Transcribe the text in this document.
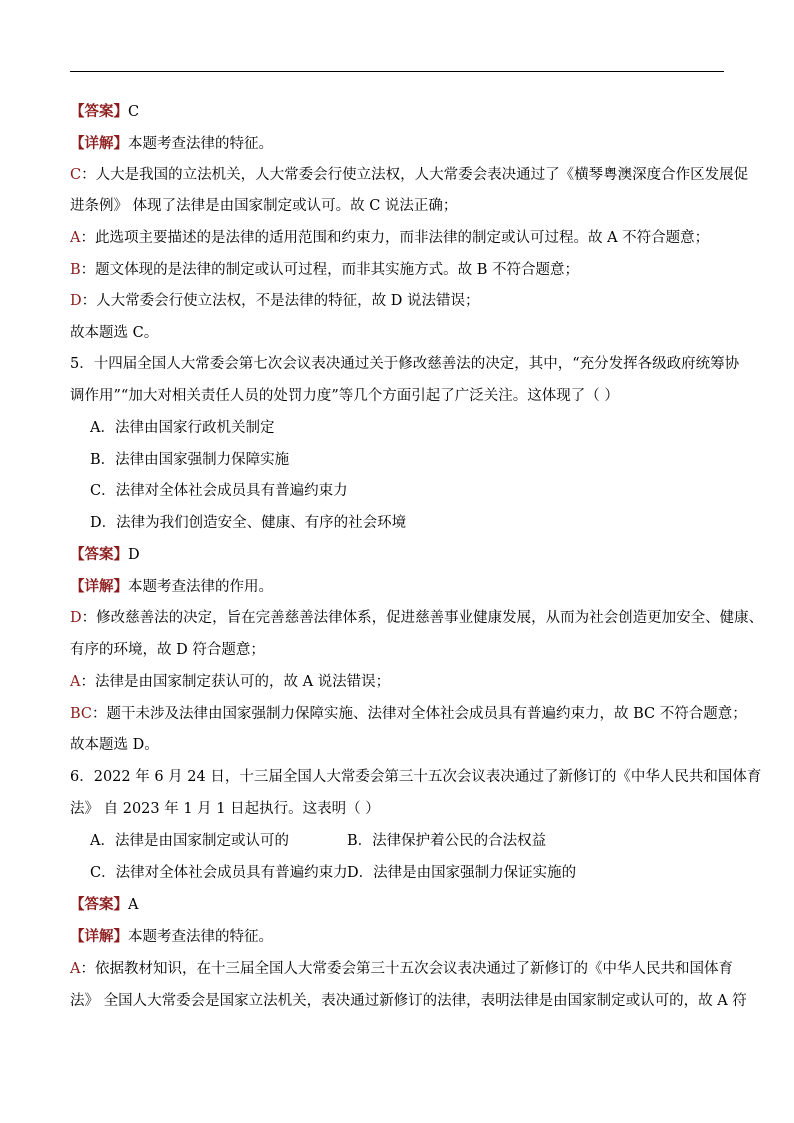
【答案】C
【详解】本题考查法律的特征。
C：人大是我国的立法机关，人大常委会行使立法权，人大常委会表决通过了《横琴粤澳深度合作区发展促
进条例》 体现了法律是由国家制定或认可。故 C 说法正确；
A：此选项主要描述的是法律的适用范围和约束力，而非法律的制定或认可过程。故 A 不符合题意；
B：题文体现的是法律的制定或认可过程，而非其实施方式。故 B 不符合题意；
D：人大常委会行使立法权，不是法律的特征，故 D 说法错误；
故本题选 C。
5．十四届全国人大常委会第七次会议表决通过关于修改慈善法的决定，其中，“充分发挥各级政府统筹协
调作用”“加大对相关责任人员的处罚力度”等几个方面引起了广泛关注。这体现了（ ）
A．法律由国家行政机关制定
B．法律由国家强制力保障实施
C．法律对全体社会成员具有普遍约束力
D．法律为我们创造安全、健康、有序的社会环境
【答案】D
【详解】本题考查法律的作用。
D：修改慈善法的决定，旨在完善慈善法律体系，促进慈善事业健康发展，从而为社会创造更加安全、健康、
有序的环境，故 D 符合题意；
A：法律是由国家制定获认可的，故 A 说法错误；
BC：题干未涉及法律由国家强制力保障实施、法律对全体社会成员具有普遍约束力，故 BC 不符合题意；
故本题选 D。
6．2022 年 6 月 24 日，十三届全国人大常委会第三十五次会议表决通过了新修订的《中华人民共和国体育
法》 自 2023 年 1 月 1 日起执行。这表明（ ）
A．法律是由国家制定或认可的	B．法律保护着公民的合法权益
C．法律对全体社会成员具有普遍约束力 D．法律是由国家强制力保证实施的
【答案】A
【详解】本题考查法律的特征。
A：依据教材知识，在十三届全国人大常委会第三十五次会议表决通过了新修订的《中华人民共和国体育
法》 全国人大常委会是国家立法机关，表决通过新修订的法律，表明法律是由国家制定或认可的，故 A 符
